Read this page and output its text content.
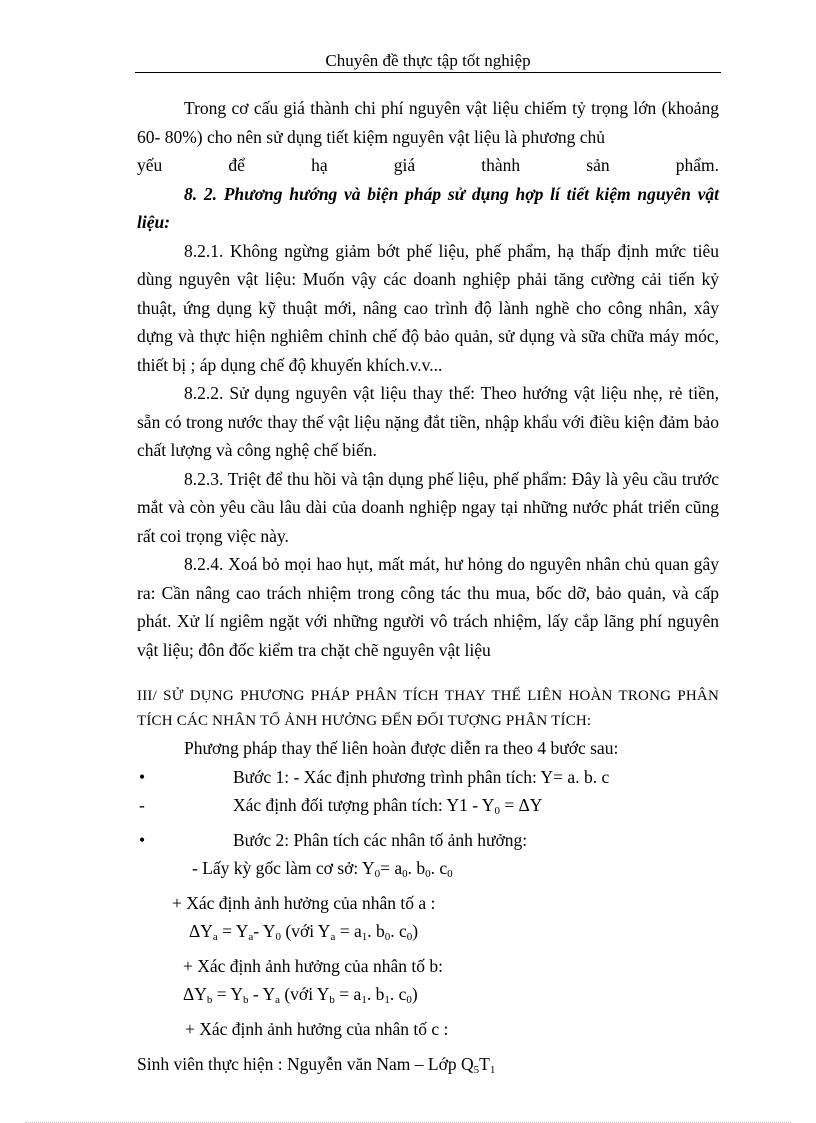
Chuyên đề thực tập tốt nghiệp

Trong cơ cấu giá thành chi phí nguyên vật liệu chiếm tỷ trọng lớn (khoảng 60- 80%) cho nên sử dụng tiết kiệm nguyên vật liệu là phương chủ

yếu để hạ giá thành sản phẩm.

8. 2. Phương hướng và biện pháp sử dụng hợp lí tiết kiệm nguyên vật liệu:

8.2.1. Không ngừng giảm bớt phế liệu, phế phẩm, hạ thấp định mức tiêu dùng nguyên vật liệu: Muốn vậy các doanh nghiệp phải tăng cường cải tiến kỷ thuật, ứng dụng kỹ thuật mới, nâng cao trình độ lành nghề cho công nhân, xây dựng và thực hiện nghiêm chỉnh chế độ bảo quản, sử dụng và sữa chữa máy móc, thiết bị ; áp dụng chế độ khuyến khích.v.v...

8.2.2. Sử dụng nguyên vật liệu thay thế: Theo hướng vật liệu nhẹ, rẻ tiền, sẵn có trong nước thay thế vật liệu nặng đắt tiền, nhập khẩu với điều kiện đảm bảo chất lượng và công nghệ chế biến.

8.2.3. Triệt để thu hồi và tận dụng phế liệu, phế phẩm: Đây là yêu cầu trước mắt và còn yêu cầu lâu dài của doanh nghiệp ngay tại những nước phát triển cũng rất coi trọng việc này.

8.2.4. Xoá bỏ mọi hao hụt, mất mát, hư hỏng do nguyên nhân chủ quan gây ra: Cần nâng cao trách nhiệm trong công tác thu mua, bốc dỡ, bảo quản, và cấp phát. Xử lí ngiêm ngặt với những người vô trách nhiệm, lấy cắp lãng phí nguyên vật liệu; đôn đốc kiểm tra chặt chẽ nguyên vật liệu

III/ SỬ DỤNG PHƯƠNG PHÁP PHÂN TÍCH THAY THẾ LIÊN HOÀN TRONG PHÂN TÍCH CÁC NHÂN TỐ ẢNH HƯỞNG ĐẾN ĐỐI TƯỢNG PHÂN TÍCH:

Phương pháp thay thế liên hoàn được diễn ra theo 4 bước sau:

•	Bước 1: - Xác định phương trình phân tích: Y= a. b. c
-	Xác định đối tượng phân tích: $Y1 - Y_0 = \Delta Y$
•	Bước 2: Phân tích các nhân tố ảnh hưởng:
- Lấy kỳ gốc làm cơ sở: $Y_0= a_0$. $b_0$. $c_0$
+ Xác định ảnh hưởng của nhân tố a :
$\Delta Y_a = Y_a-$ $Y_0$ (với $Y_a = a_1$. $b_0$. $c_0$)
+ Xác định ảnh hưởng của nhân tố b:
$\Delta Y_b = Y_b - Y_a$ (với $Y_b = a_1$. $b_1$. $c_0$)
+ Xác định ảnh hưởng của nhân tố c :
Sinh viên thực hiện : Nguyễn văn Nam – Lớp $Q_5T_1$
